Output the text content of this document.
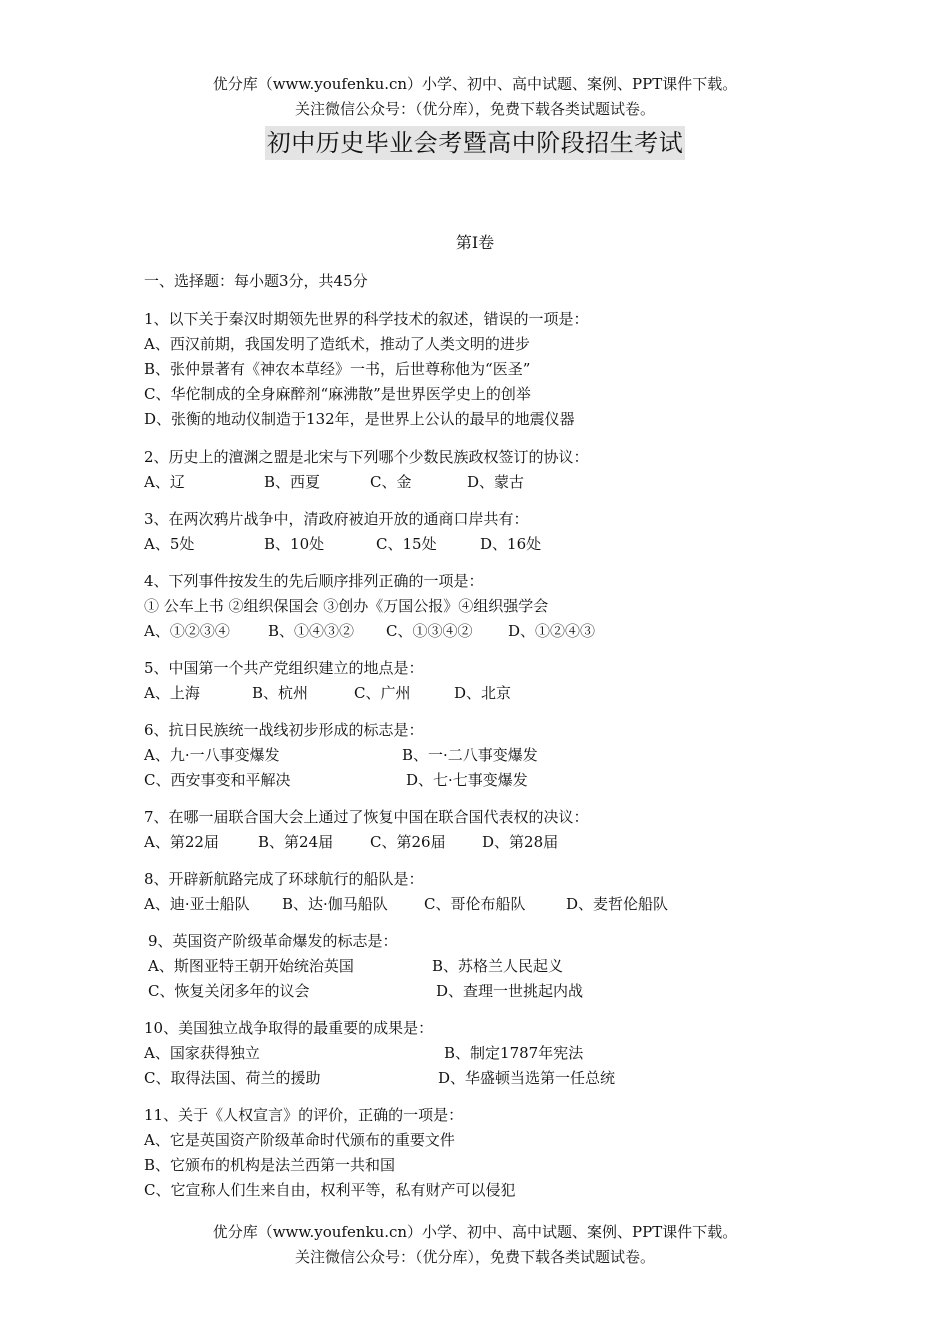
优分库（www.youfenku.cn）小学、初中、高中试题、案例、PPT课件下载。
关注微信公众号：（优分库），免费下载各类试题试卷。
初中历史毕业会考暨高中阶段招生考试
第Ⅰ卷
一、选择题：每小题3分，共45分
1、以下关于秦汉时期领先世界的科学技术的叙述，错误的一项是：
A、西汉前期，我国发明了造纸术，推动了人类文明的进步
B、张仲景著有《神农本草经》一书，后世尊称他为“医圣”
C、华佗制成的全身麻醉剂“麻沸散”是世界医学史上的创举
D、张衡的地动仪制造于132年，是世界上公认的最早的地震仪器
2、历史上的澶渊之盟是北宋与下列哪个少数民族政权签订的协议：
A、辽	B、西夏	C、金	D、蒙古
3、在两次鸦片战争中，清政府被迫开放的通商口岸共有：
A、5处	B、10处	C、15处	D、16处
4、下列事件按发生的先后顺序排列正确的一项是：
① 公车上书 ②组织保国会 ③创办《万国公报》④组织强学会
A、①②③④	B、①④③② C、①③④② D、①②④③
5、中国第一个共产党组织建立的地点是：
A、上海	B、杭州	C、广州	D、北京
6、抗日民族统一战线初步形成的标志是：
A、九·一八事变爆发	B、一·二八事变爆发
C、西安事变和平解决	D、七·七事变爆发
7、在哪一届联合国大会上通过了恢复中国在联合国代表权的决议：
A、第22届	B、第24届 C、第26届 D、第28届
8、开辟新航路完成了环球航行的船队是：
A、迪·亚士船队 B、达·伽马船队 C、哥伦布船队	D、麦哲伦船队
9、英国资产阶级革命爆发的标志是：
A、斯图亚特王朝开始统治英国	B、苏格兰人民起义
C、恢复关闭多年的议会	D、查理一世挑起内战
10、美国独立战争取得的最重要的成果是：
A、国家获得独立	B、制定1787年宪法
C、取得法国、荷兰的援助	D、华盛顿当选第一任总统
11、关于《人权宣言》的评价，正确的一项是：
A、它是英国资产阶级革命时代颁布的重要文件
B、它颁布的机构是法兰西第一共和国
C、它宣称人们生来自由，权利平等，私有财产可以侵犯
优分库（www.youfenku.cn）小学、初中、高中试题、案例、PPT课件下载。
关注微信公众号：（优分库），免费下载各类试题试卷。
